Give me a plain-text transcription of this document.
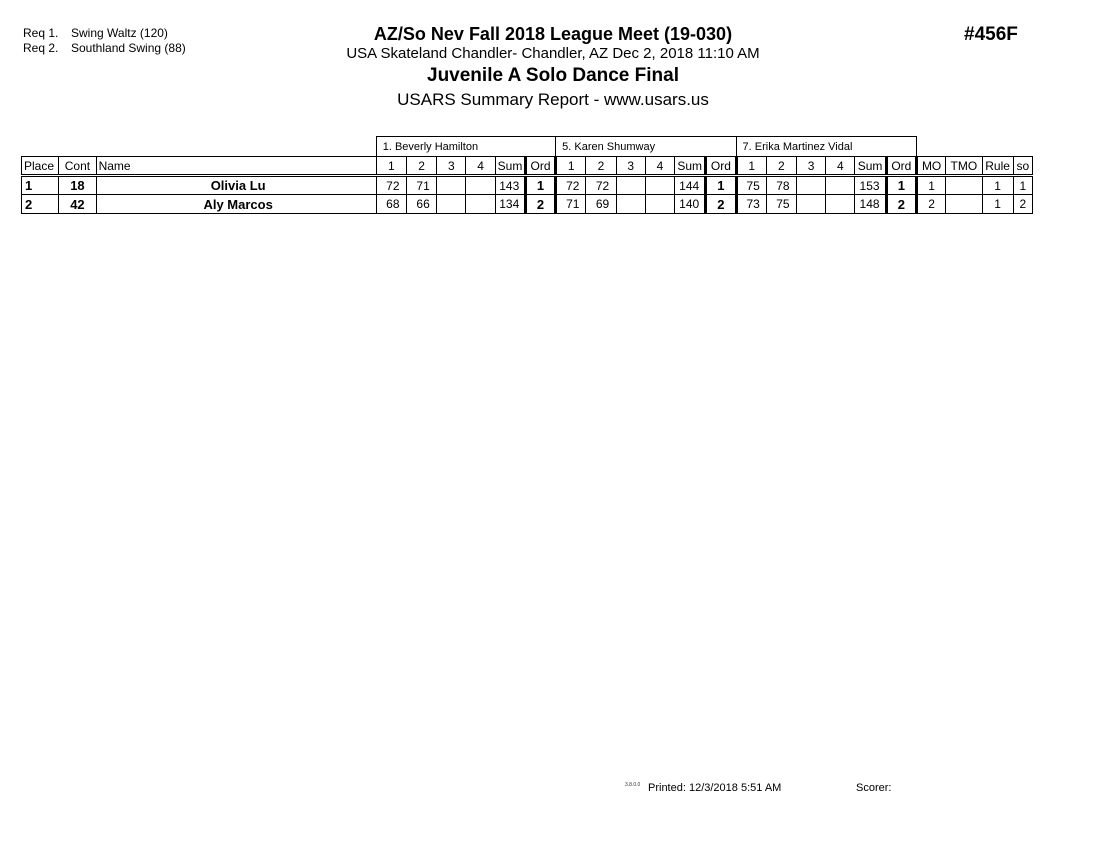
Req 1. Swing Waltz (120)
Req 2. Southland Swing (88)
AZ/So Nev Fall 2018 League Meet (19-030)
USA Skateland Chandler- Chandler, AZ Dec 2, 2018 11:10 AM
Juvenile A Solo Dance Final
USARS Summary Report - www.usars.us
#456F
			1. Beverly Hamilton						5. Karen Shumway						7. Erika Martinez Vidal									
Place	Cont	Name	1	2	3	4	Sum	Ord	1	2	3	4	Sum	Ord	1	2	3	4	Sum	Ord	MO	TMO	Rule	so
1	18	Olivia Lu	72	71			143	1	72	72			144	1	75	78			153	1	1		1	1
2	42	Aly Marcos	68	66			134	2	71	69			140	2	73	75			148	2	2		1	2
3.8.0.0 Printed: 12/3/2018 5:51 AM	Scorer:
